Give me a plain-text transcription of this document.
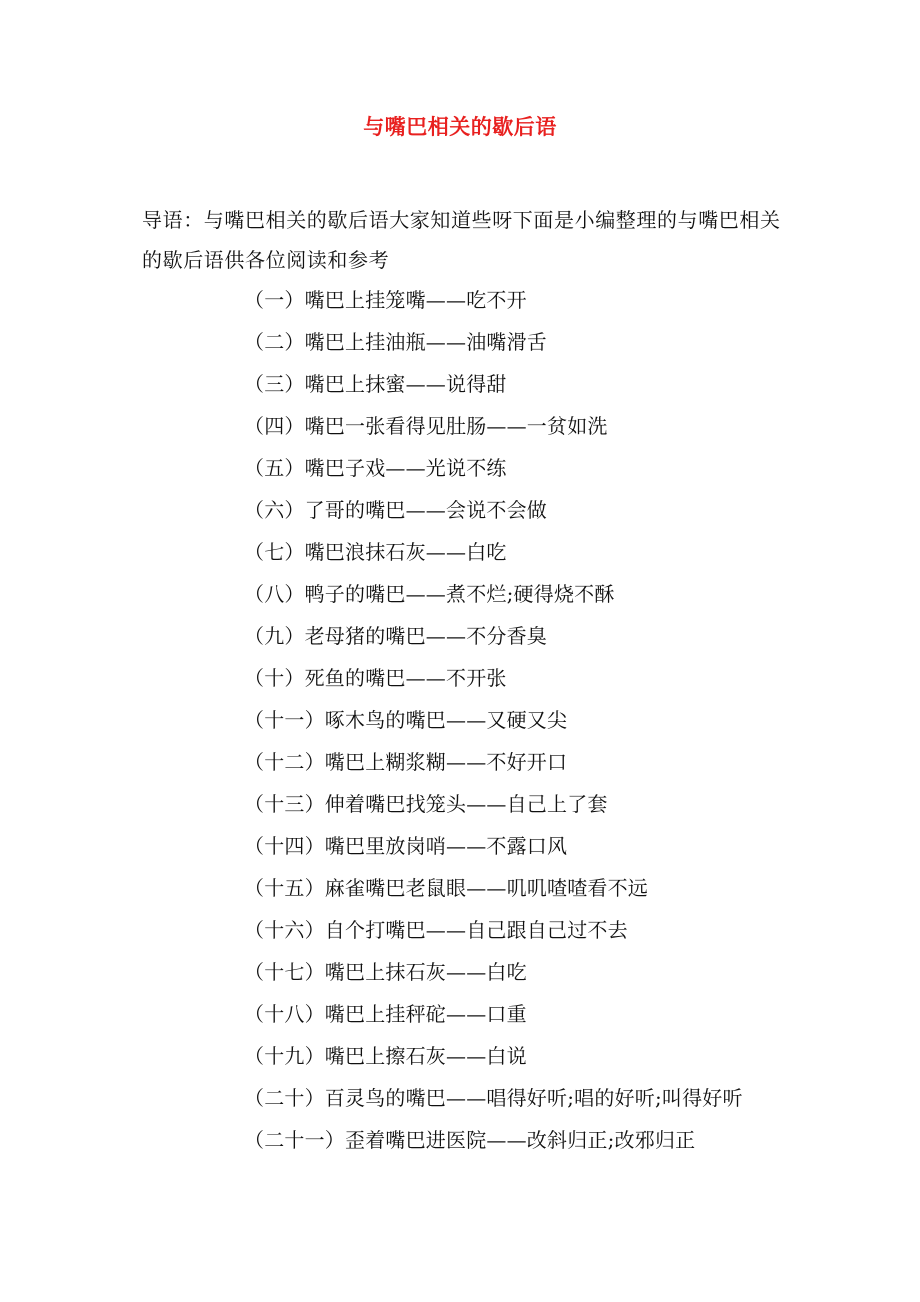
与嘴巴相关的歇后语
导语：与嘴巴相关的歇后语大家知道些呀下面是小编整理的与嘴巴相关的歇后语供各位阅读和参考
（一）嘴巴上挂笼嘴——吃不开
（二）嘴巴上挂油瓶——油嘴滑舌
（三）嘴巴上抹蜜——说得甜
（四）嘴巴一张看得见肚肠——一贫如洗
（五）嘴巴子戏——光说不练
（六）了哥的嘴巴——会说不会做
（七）嘴巴浪抹石灰——白吃
（八）鸭子的嘴巴——煮不烂;硬得烧不酥
（九）老母猪的嘴巴——不分香臭
（十）死鱼的嘴巴——不开张
（十一）啄木鸟的嘴巴——又硬又尖
（十二）嘴巴上糊浆糊——不好开口
（十三）伸着嘴巴找笼头——自己上了套
（十四）嘴巴里放岗哨——不露口风
（十五）麻雀嘴巴老鼠眼——叽叽喳喳看不远
（十六）自个打嘴巴——自己跟自己过不去
（十七）嘴巴上抹石灰——白吃
（十八）嘴巴上挂秤砣——口重
（十九）嘴巴上擦石灰——白说
（二十）百灵鸟的嘴巴——唱得好听;唱的好听;叫得好听
（二十一）歪着嘴巴进医院——改斜归正;改邪归正
